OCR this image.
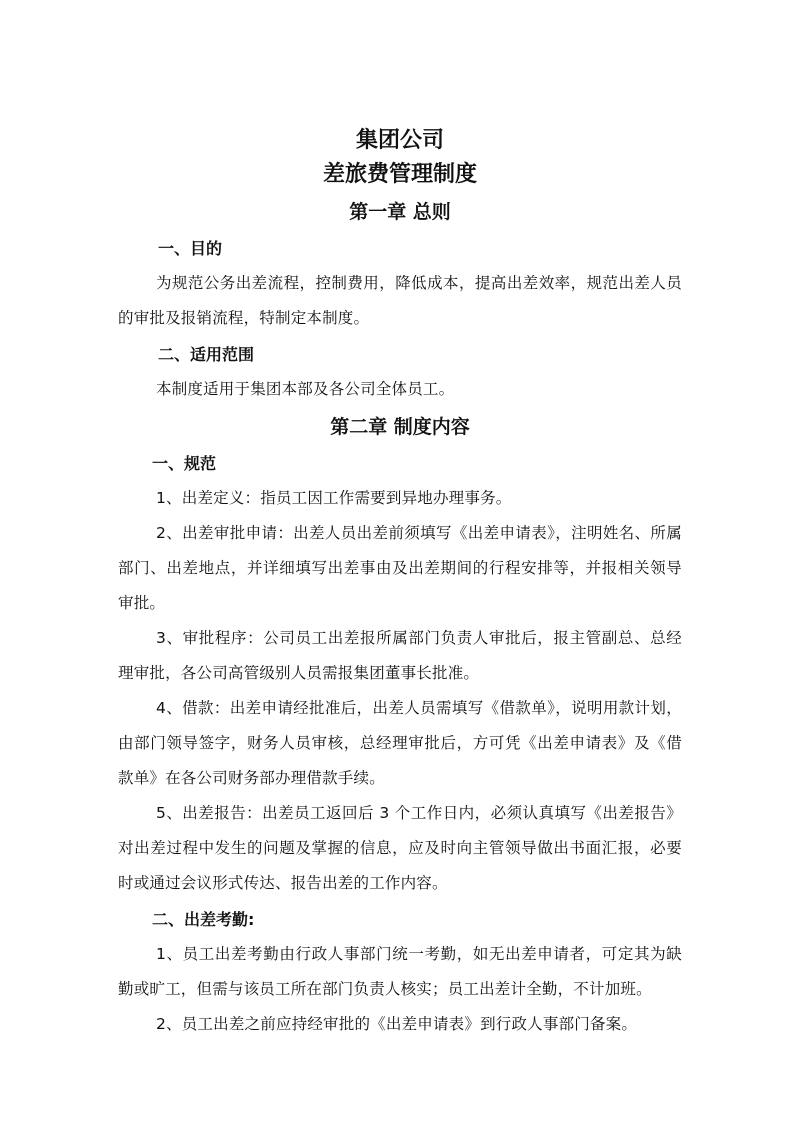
集团公司
差旅费管理制度
第一章 总则
一、目的

为规范公务出差流程，控制费用，降低成本，提高出差效率，规范出差人员的审批及报销流程，特制定本制度。

二、适用范围

本制度适用于集团本部及各公司全体员工。

第二章 制度内容
一、规范

1、出差定义：指员工因工作需要到异地办理事务。

2、出差审批申请：出差人员出差前须填写《出差申请表》，注明姓名、所属部门、出差地点，并详细填写出差事由及出差期间的行程安排等，并报相关领导审批。

3、审批程序：公司员工出差报所属部门负责人审批后，报主管副总、总经理审批，各公司高管级别人员需报集团董事长批准。

4、借款：出差申请经批准后，出差人员需填写《借款单》，说明用款计划，由部门领导签字，财务人员审核，总经理审批后，方可凭《出差申请表》及《借款单》在各公司财务部办理借款手续。

5、出差报告：出差员工返回后 3 个工作日内，必须认真填写《出差报告》对出差过程中发生的问题及掌握的信息，应及时向主管领导做出书面汇报，必要时或通过会议形式传达、报告出差的工作内容。

二、出差考勤:

1、员工出差考勤由行政人事部门统一考勤，如无出差申请者，可定其为缺勤或旷工，但需与该员工所在部门负责人核实；员工出差计全勤，不计加班。

2、员工出差之前应持经审批的《出差申请表》到行政人事部门备案。
